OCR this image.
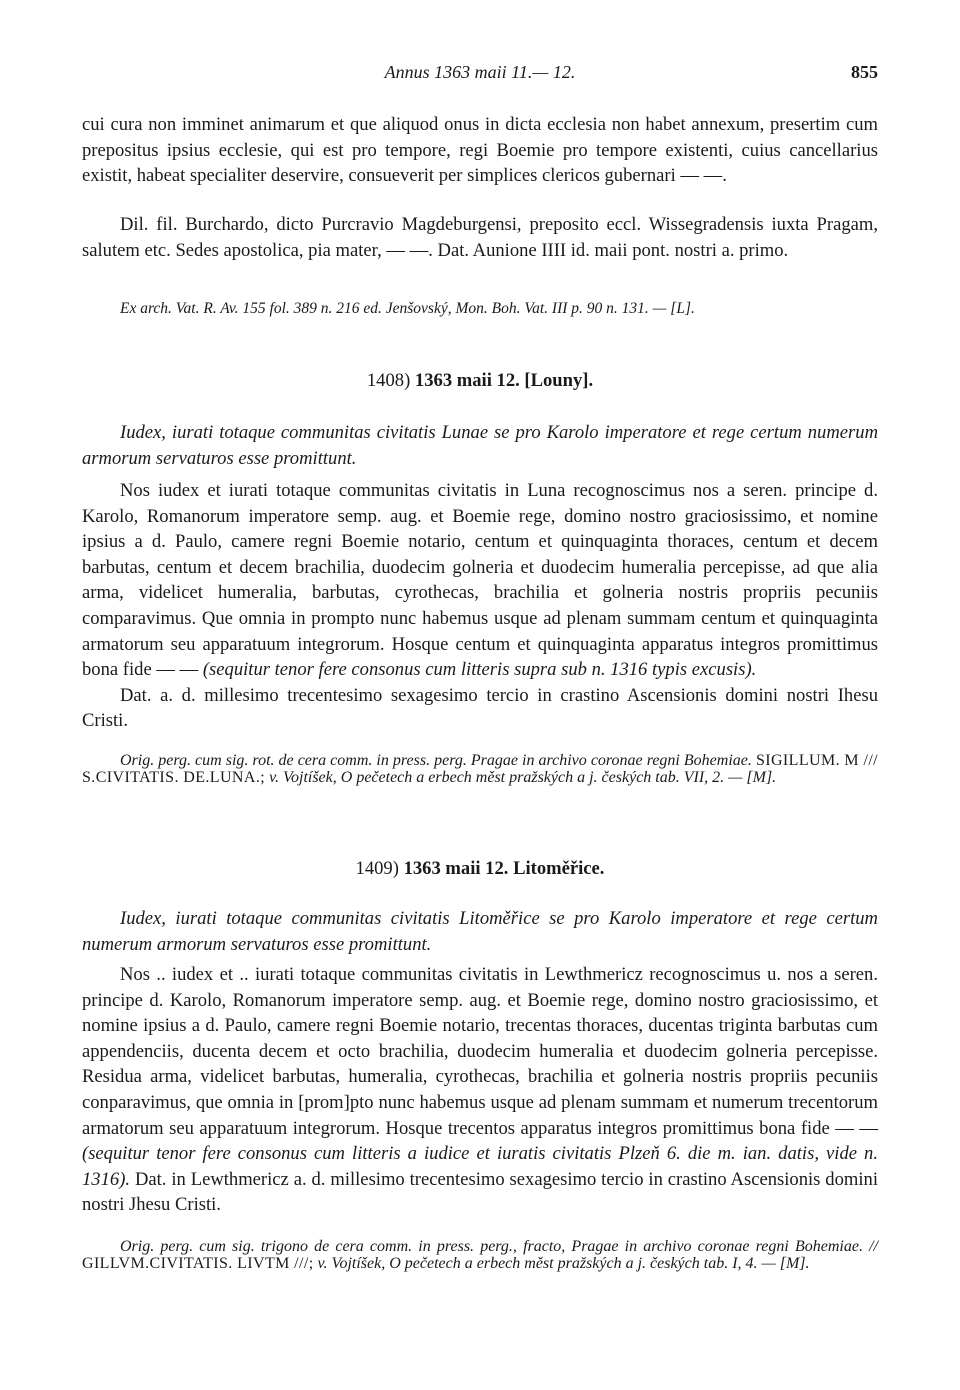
Annus 1363 maii 11.— 12.	855

cui cura non imminet animarum et que aliquod onus in dicta ecclesia non habet annexum, presertim cum prepositus ipsius ecclesie, qui est pro tempore, regi Boemie pro tempore existenti, cuius cancellarius existit, habeat specialiter deservire, consueverit per simplices clericos gubernari — —.

Dil. fil. Burchardo, dicto Purcravio Magdeburgensi, preposito eccl. Wissegradensis iuxta Pragam, salutem etc. Sedes apostolica, pia mater, — —. Dat. Aunione IIII id. maii pont. nostri a. primo.

Ex arch. Vat. R. Av. 155 fol. 389 n. 216 ed. Jenšovský, Mon. Boh. Vat. III p. 90 n. 131. — [L].

1408) 1363 maii 12. [Louny].

Iudex, iurati totaque communitas civitatis Lunae se pro Karolo imperatore et rege certum numerum armorum servaturos esse promittunt.

Nos iudex et iurati totaque communitas civitatis in Luna recognoscimus nos a seren. principe d. Karolo, Romanorum imperatore semp. aug. et Boemie rege, domino nostro graciosissimo, et nomine ipsius a d. Paulo, camere regni Boemie notario, centum et quinquaginta thoraces, centum et decem barbutas, centum et decem brachilia, duodecim golneria et duodecim humeralia percepisse, ad que alia arma, videlicet humeralia, barbutas, cyrothecas, brachilia et golneria nostris propriis pecuniis comparavimus. Que omnia in prompto nunc habemus usque ad plenam summam centum et quinquaginta armatorum seu apparatuum integrorum. Hosque centum et quinquaginta apparatus integros promittimus bona fide — — (sequitur tenor fere consonus cum litteris supra sub n. 1316 typis excusis).

Dat. a. d. millesimo trecentesimo sexagesimo tercio in crastino Ascensionis domini nostri Ihesu Cristi.

Orig. perg. cum sig. rot. de cera comm. in press. perg. Pragae in archivo coronae regni Bohemiae. SIGILLUM. M /// S.CIVITATIS. DE.LUNA.; v. Vojtíšek, O pečetech a erbech měst pražských a j. českých tab. VII, 2. — [M].

1409) 1363 maii 12. Litoměřice.

Iudex, iurati totaque communitas civitatis Litoměřice se pro Karolo imperatore et rege certum numerum armorum servaturos esse promittunt.

Nos .. iudex et .. iurati totaque communitas civitatis in Lewthmericz recognoscimus u. nos a seren. principe d. Karolo, Romanorum imperatore semp. aug. et Boemie rege, domino nostro graciosissimo, et nomine ipsius a d. Paulo, camere regni Boemie notario, trecentas thoraces, ducentas triginta barbutas cum appendenciis, ducenta decem et octo brachilia, duodecim humeralia et duodecim golneria percepisse. Residua arma, videlicet barbutas, humeralia, cyrothecas, brachilia et golneria nostris propriis pecuniis conparavimus, que omnia in [prom]pto nunc habemus usque ad plenam summam et numerum trecentorum armatorum seu apparatuum integrorum. Hosque trecentos apparatus integros promittimus bona fide — — (sequitur tenor fere consonus cum litteris a iudice et iuratis civitatis Plzeň 6. die m. ian. datis, vide n. 1316). Dat. in Lewthmericz a. d. millesimo trecentesimo sexagesimo tercio in crastino Ascensionis domini nostri Jhesu Cristi.

Orig. perg. cum sig. trigono de cera comm. in press. perg., fracto, Pragae in archivo coronae regni Bohemiae. // GILLVM.CIVITATIS. LIVTM ///; v. Vojtíšek, O pečetech a erbech měst pražských a j. českých tab. I, 4. — [M].
